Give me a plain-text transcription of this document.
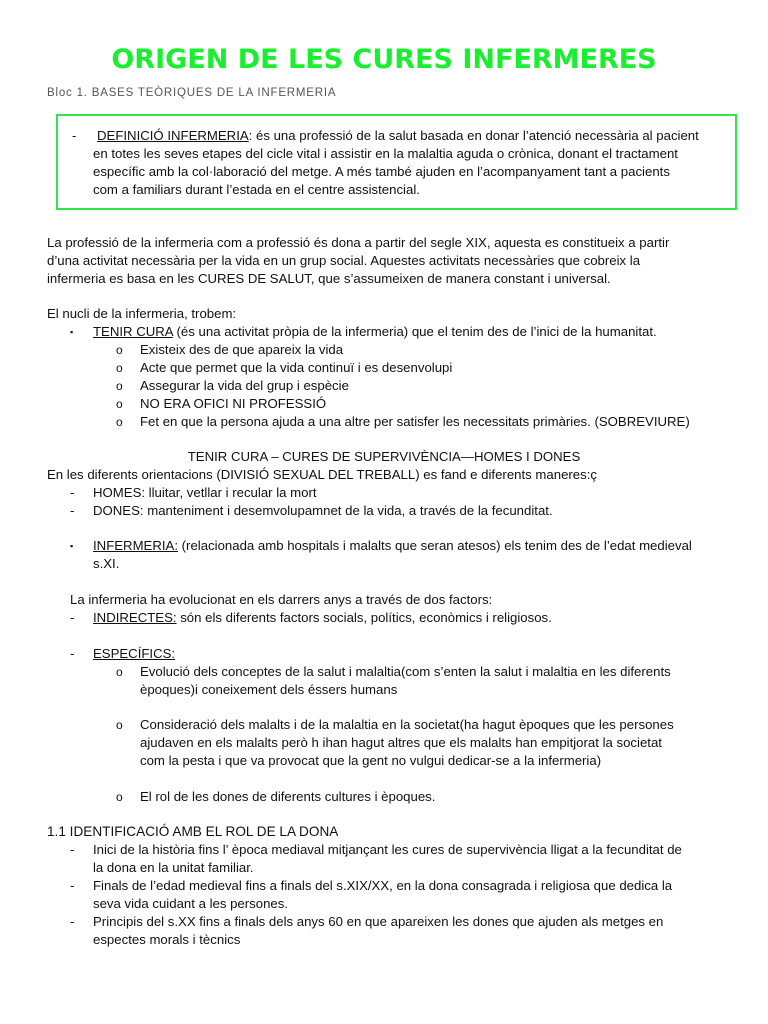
ORIGEN DE LES CURES INFERMERES
Bloc 1. BASES TEÒRIQUES DE LA INFERMERIA
- DEFINICIÓ INFERMERIA: és una professió de la salut basada en donar l’atenció necessària al pacient
en totes les seves etapes del cicle vital i assistir en la malaltia aguda o crònica, donant el tractament
específic amb la col·laboració del metge. A més també ajuden en l’acompanyament tant a pacients
com a familiars durant l’estada en el centre assistencial.
La professió de la infermeria com a professió és dona a partir del segle XIX, aquesta es constitueix a partir
d’una activitat necessària per la vida en un grup social. Aquestes activitats necessàries que cobreix la
infermeria es basa en les CURES DE SALUT, que s’assumeixen de manera constant i universal.
El nucli de la infermeria, trobem:
▪ TENIR CURA (és una activitat pròpia de la infermeria) que el tenim des de l’inici de la humanitat.
o Existeix des de que apareix la vida
o Acte que permet que la vida continuï i es desenvolupi
o Assegurar la vida del grup i espècie
o NO ERA OFICI NI PROFESSIÓ
o Fet en que la persona ajuda a una altre per satisfer les necessitats primàries. (SOBREVIURE)
TENIR CURA – CURES DE SUPERVIVÈNCIA—HOMES I DONES
En les diferents orientacions (DIVISIÓ SEXUAL DEL TREBALL) es fand e diferents maneres:ç
- HOMES: lluitar, vetllar i recular la mort
- DONES: manteniment i desemvolupamnet de la vida, a través de la fecunditat.
▪ INFERMERIA: (relacionada amb hospitals i malalts que seran atesos) els tenim des de l’edat medieval
s.XI.
La infermeria ha evolucionat en els darrers anys a través de dos factors:
- INDIRECTES: són els diferents factors socials, polítics, econòmics i religiosos.
- ESPECÍFICS:
o Evolució dels conceptes de la salut i malaltia(com s’enten la salut i malaltia en les diferents
èpoques)i coneixement dels éssers humans
o Consideració dels malalts i de la malaltia en la societat(ha hagut èpoques que les persones
ajudaven en els malalts però h ihan hagut altres que els malalts han empitjorat la societat
com la pesta i que va provocat que la gent no vulgui dedicar-se a la infermeria)
o El rol de les dones de diferents cultures i èpoques.
1.1 IDENTIFICACIÓ AMB EL ROL DE LA DONA
- Inici de la història fins l’ època mediaval mitjançant les cures de supervivència lligat a la fecunditat de
la dona en la unitat familiar.
- Finals de l’edad medieval fins a finals del s.XIX/XX, en la dona consagrada i religiosa que dedica la
seva vida cuidant a les persones.
- Principis del s.XX fins a finals dels anys 60 en que apareixen les dones que ajuden als metges en
espectes morals i tècnics
